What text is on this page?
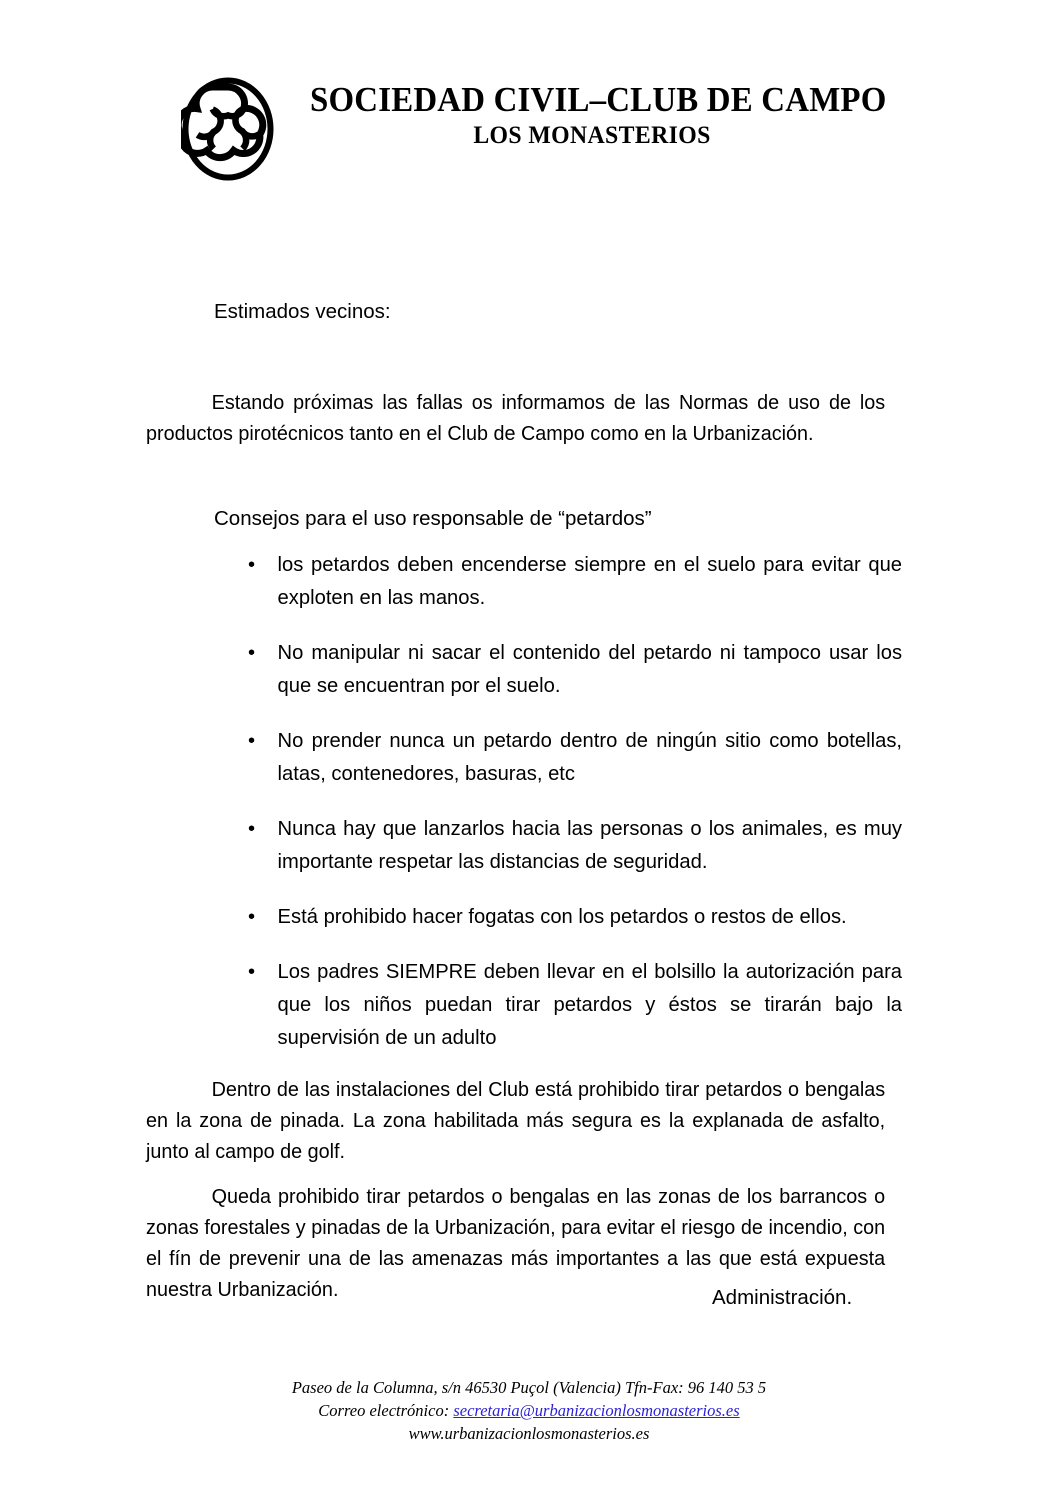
SOCIEDAD CIVIL–CLUB DE CAMPO
LOS MONASTERIOS
Estimados vecinos:

Estando próximas las fallas os informamos de las Normas de uso de los productos pirotécnicos tanto en el Club de Campo como en la Urbanización.

Consejos para el uso responsable de “petardos”
• los petardos deben encenderse siempre en el suelo para evitar que exploten en las manos.
• No manipular ni sacar el contenido del petardo ni tampoco usar los que se encuentran por el suelo.
• No prender nunca un petardo dentro de ningún sitio como botellas, latas, contenedores, basuras, etc
• Nunca hay que lanzarlos hacia las personas o los animales, es muy importante respetar las distancias de seguridad.
• Está prohibido hacer fogatas con los petardos o restos de ellos.
• Los padres SIEMPRE deben llevar en el bolsillo la autorización para que los niños puedan tirar petardos y éstos se tirarán bajo la supervisión de un adulto

Dentro de las instalaciones del Club está prohibido tirar petardos o bengalas en la zona de pinada. La zona habilitada más segura es la explanada de asfalto, junto al campo de golf.

Queda prohibido tirar petardos o bengalas en las zonas de los barrancos o zonas forestales y pinadas de la Urbanización, para evitar el riesgo de incendio, con el fín de prevenir una de las amenazas más importantes a las que está expuesta nuestra Urbanización.	Administración.
Paseo de la Columna, s/n 46530 Puçol (Valencia) Tfn-Fax: 96 140 53 5
Correo electrónico: secretaria@urbanizacionlosmonasterios.es
www.urbanizacionlosmonasterios.es
